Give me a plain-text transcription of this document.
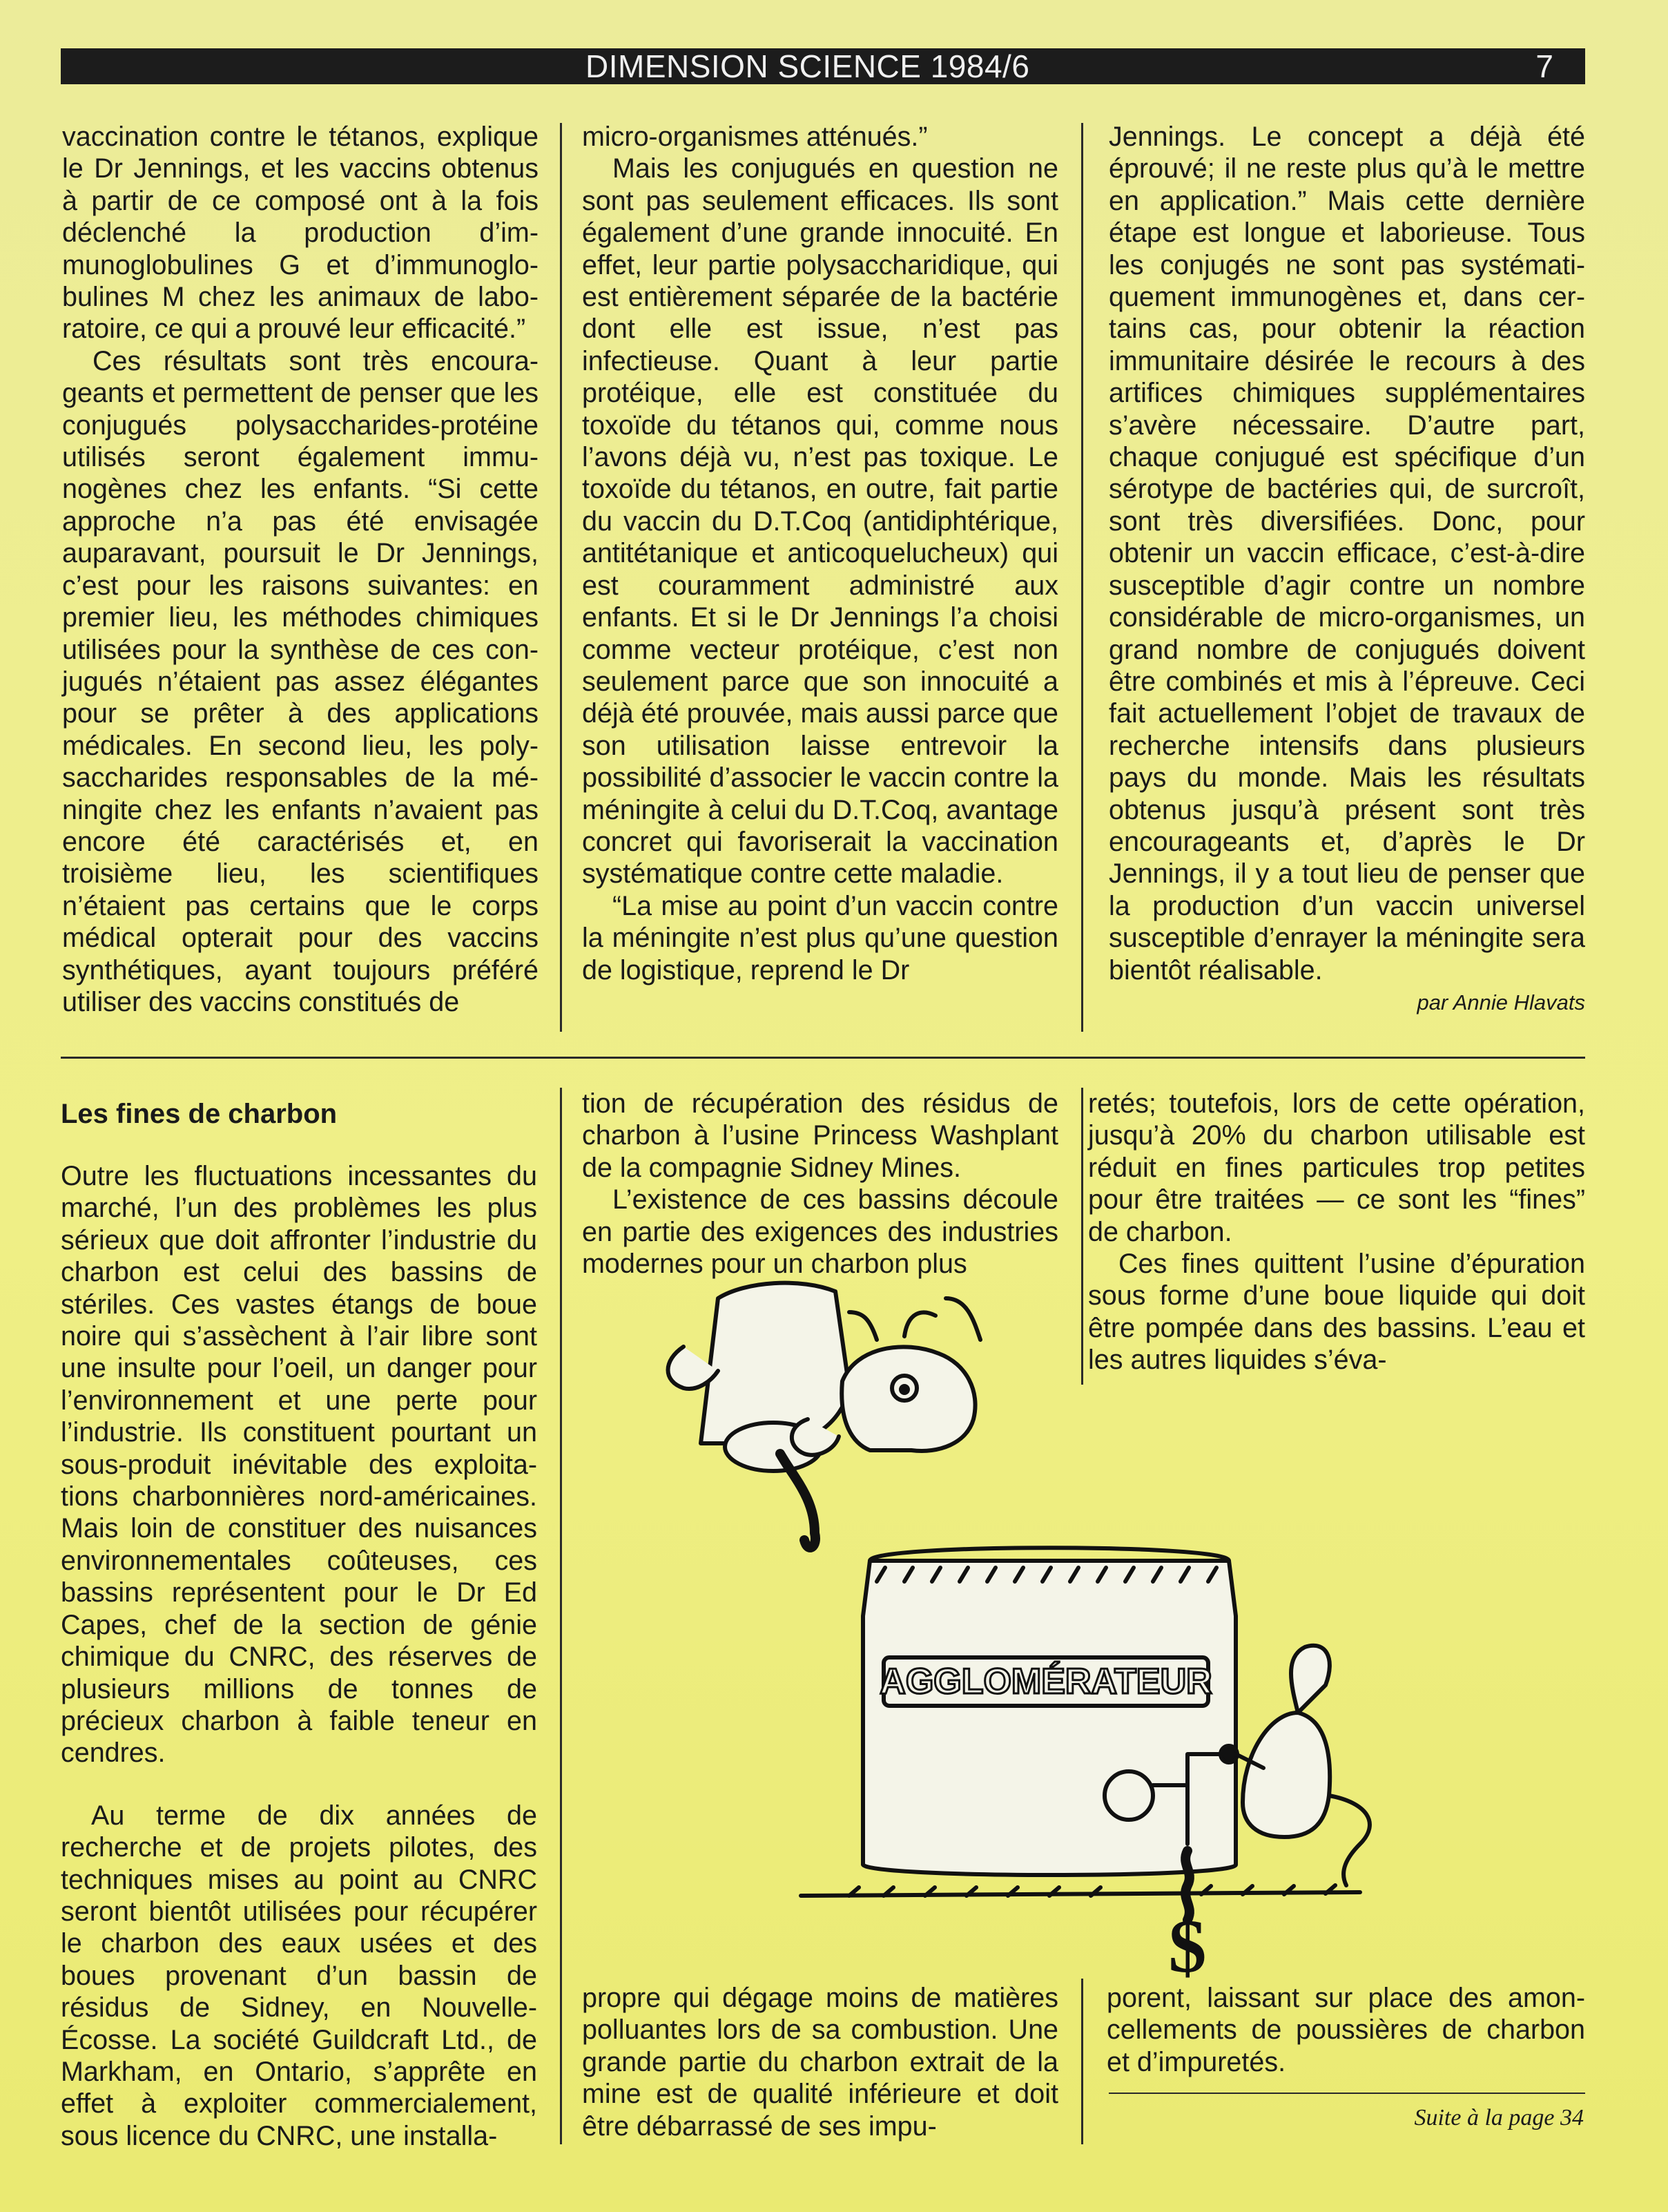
DIMENSION SCIENCE 1984/6	7

vaccination contre le tétanos, explique le Dr Jennings, et les vaccins obtenus à partir de ce composé ont à la fois déclenché la production d’immunoglobulines G et d’immunoglobulines M chez les animaux de laboratoire, ce qui a prouvé leur efficacité.”

Ces résultats sont très encourageants et permettent de penser que les conjugués polysaccharides-protéine utilisés seront également immunogènes chez les enfants. “Si cette approche n’a pas été envisagée auparavant, poursuit le Dr Jennings, c’est pour les raisons suivantes: en premier lieu, les méthodes chimiques utilisées pour la synthèse de ces conjugués n’étaient pas assez élégantes pour se prêter à des applications médicales. En second lieu, les polysaccharides responsables de la méningite chez les enfants n’avaient pas encore été caractérisés et, en troisième lieu, les scientifiques n’étaient pas certains que le corps médical opterait pour des vaccins synthétiques, ayant toujours préféré utiliser des vaccins constitués de

micro-organismes atténués.”

Mais les conjugués en question ne sont pas seulement efficaces. Ils sont également d’une grande innocuité. En effet, leur partie polysaccharidique, qui est entièrement séparée de la bactérie dont elle est issue, n’est pas infectieuse. Quant à leur partie protéique, elle est constituée du toxoïde du tétanos qui, comme nous l’avons déjà vu, n’est pas toxique. Le toxoïde du tétanos, en outre, fait partie du vaccin du D.T.Coq (antidiphtérique, antitétanique et anticoquelucheux) qui est couramment administré aux enfants. Et si le Dr Jennings l’a choisi comme vecteur protéique, c’est non seulement parce que son innocuité a déjà été prouvée, mais aussi parce que son utilisation laisse entrevoir la possibilité d’associer le vaccin contre la méningite à celui du D.T.Coq, avantage concret qui favoriserait la vaccination systématique contre cette maladie.

“La mise au point d’un vaccin contre la méningite n’est plus qu’une question de logistique, reprend le Dr

Jennings. Le concept a déjà été éprouvé; il ne reste plus qu’à le mettre en application.” Mais cette dernière étape est longue et laborieuse. Tous les conjugés ne sont pas systématiquement immunogènes et, dans certains cas, pour obtenir la réaction immunitaire désirée le recours à des artifices chimiques supplémentaires s’avère nécessaire. D’autre part, chaque conjugué est spécifique d’un sérotype de bactéries qui, de surcroît, sont très diversifiées. Donc, pour obtenir un vaccin efficace, c’est-à-dire susceptible d’agir contre un nombre considérable de micro-organismes, un grand nombre de conjugués doivent être combinés et mis à l’épreuve. Ceci fait actuellement l’objet de travaux de recherche intensifs dans plusieurs pays du monde. Mais les résultats obtenus jusqu’à présent sont très encourageants et, d’après le Dr Jennings, il y a tout lieu de penser que la production d’un vaccin universel susceptible d’enrayer la méningite sera bientôt réalisable.

par Annie Hlavats
Les fines de charbon

Outre les fluctuations incessantes du marché, l’un des problèmes les plus sérieux que doit affronter l’industrie du charbon est celui des bassins de stériles. Ces vastes étangs de boue noire qui s’assèchent à l’air libre sont une insulte pour l’oeil, un danger pour l’environnement et une perte pour l’industrie. Ils constituent pourtant un sous-produit inévitable des exploitations charbonnières nord-américaines. Mais loin de constituer des nuisances environnementales coûteuses, ces bassins représentent pour le Dr Ed Capes, chef de la section de génie chimique du CNRC, des réserves de plusieurs millions de tonnes de précieux charbon à faible teneur en cendres.

Au terme de dix années de recherche et de projets pilotes, des techniques mises au point au CNRC seront bientôt utilisées pour récupérer le charbon des eaux usées et des boues provenant d’un bassin de résidus de Sidney, en Nouvelle-Écosse. La société Guildcraft Ltd., de Markham, en Ontario, s’apprête en effet à exploiter commercialement, sous licence du CNRC, une installa-

tion de récupération des résidus de charbon à l’usine Princess Washplant de la compagnie Sidney Mines.

L’existence de ces bassins découle en partie des exigences des industries modernes pour un charbon plus

propre qui dégage moins de matières polluantes lors de sa combustion. Une grande partie du charbon extrait de la mine est de qualité inférieure et doit être débarrassé de ses impu-

retés; toutefois, lors de cette opération, jusqu’à 20% du charbon utilisable est réduit en fines particules trop petites pour être traitées — ce sont les “fines” de charbon.

Ces fines quittent l’usine d’épuration sous forme d’une boue liquide qui doit être pompée dans des bassins. L’eau et les autres liquides s’éva-

porent, laissant sur place des amoncellements de poussières de charbon et d’impuretés.

Suite à la page 34
AGGLOMÉRATEUR
$
